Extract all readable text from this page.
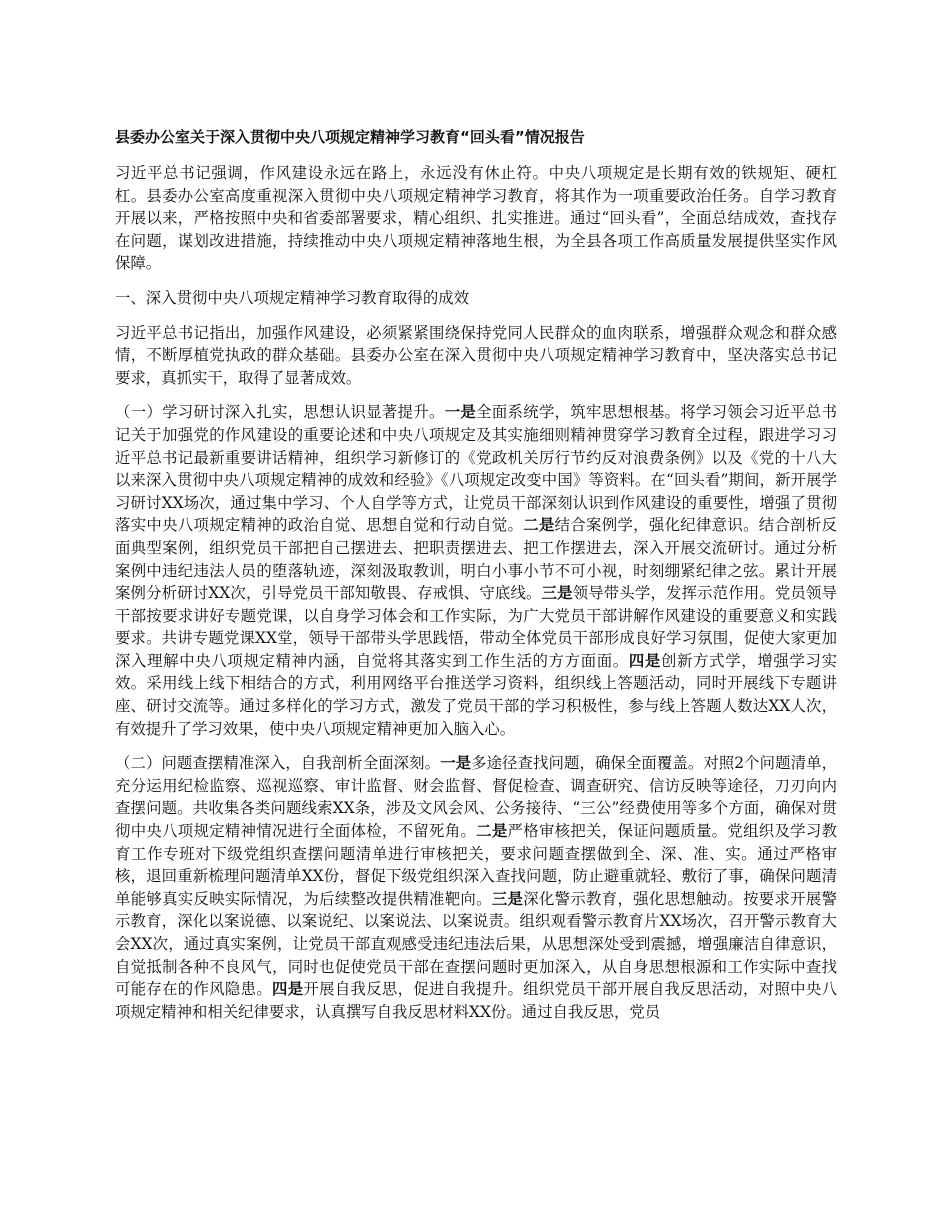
县委办公室关于深入贯彻中央八项规定精神学习教育“回头看”情况报告

习近平总书记强调，作风建设永远在路上，永远没有休止符。中央八项规定是长期有效的铁规矩、硬杠杠。县委办公室高度重视深入贯彻中央八项规定精神学习教育，将其作为一项重要政治任务。自学习教育开展以来，严格按照中央和省委部署要求，精心组织、扎实推进。通过“回头看”，全面总结成效，查找存在问题，谋划改进措施，持续推动中央八项规定精神落地生根，为全县各项工作高质量发展提供坚实作风保障。

一、深入贯彻中央八项规定精神学习教育取得的成效

习近平总书记指出，加强作风建设，必须紧紧围绕保持党同人民群众的血肉联系，增强群众观念和群众感情，不断厚植党执政的群众基础。县委办公室在深入贯彻中央八项规定精神学习教育中，坚决落实总书记要求，真抓实干，取得了显著成效。

（一）学习研讨深入扎实，思想认识显著提升。一是全面系统学，筑牢思想根基。将学习领会习近平总书记关于加强党的作风建设的重要论述和中央八项规定及其实施细则精神贯穿学习教育全过程，跟进学习习近平总书记最新重要讲话精神，组织学习新修订的《党政机关厉行节约反对浪费条例》以及《党的十八大以来深入贯彻中央八项规定精神的成效和经验》《八项规定改变中国》等资料。在“回头看”期间，新开展学习研讨XX场次，通过集中学习、个人自学等方式，让党员干部深刻认识到作风建设的重要性，增强了贯彻落实中央八项规定精神的政治自觉、思想自觉和行动自觉。二是结合案例学，强化纪律意识。结合剖析反面典型案例，组织党员干部把自己摆进去、把职责摆进去、把工作摆进去，深入开展交流研讨。通过分析案例中违纪违法人员的堕落轨迹，深刻汲取教训，明白小事小节不可小视，时刻绷紧纪律之弦。累计开展案例分析研讨XX次，引导党员干部知敬畏、存戒惧、守底线。三是领导带头学，发挥示范作用。党员领导干部按要求讲好专题党课，以自身学习体会和工作实际，为广大党员干部讲解作风建设的重要意义和实践要求。共讲专题党课XX堂，领导干部带头学思践悟，带动全体党员干部形成良好学习氛围，促使大家更加深入理解中央八项规定精神内涵，自觉将其落实到工作生活的方方面面。四是创新方式学，增强学习实效。采用线上线下相结合的方式，利用网络平台推送学习资料，组织线上答题活动，同时开展线下专题讲座、研讨交流等。通过多样化的学习方式，激发了党员干部的学习积极性，参与线上答题人数达XX人次，有效提升了学习效果，使中央八项规定精神更加入脑入心。

（二）问题查摆精准深入，自我剖析全面深刻。一是多途径查找问题，确保全面覆盖。对照2个问题清单，充分运用纪检监察、巡视巡察、审计监督、财会监督、督促检查、调查研究、信访反映等途径，刀刃向内查摆问题。共收集各类问题线索XX条，涉及文风会风、公务接待、“三公”经费使用等多个方面，确保对贯彻中央八项规定精神情况进行全面体检，不留死角。二是严格审核把关，保证问题质量。党组织及学习教育工作专班对下级党组织查摆问题清单进行审核把关，要求问题查摆做到全、深、准、实。通过严格审核，退回重新梳理问题清单XX份，督促下级党组织深入查找问题，防止避重就轻、敷衍了事，确保问题清单能够真实反映实际情况，为后续整改提供精准靶向。三是深化警示教育，强化思想触动。按要求开展警示教育，深化以案说德、以案说纪、以案说法、以案说责。组织观看警示教育片XX场次，召开警示教育大会XX次，通过真实案例，让党员干部直观感受违纪违法后果，从思想深处受到震撼，增强廉洁自律意识，自觉抵制各种不良风气，同时也促使党员干部在查摆问题时更加深入，从自身思想根源和工作实际中查找可能存在的作风隐患。四是开展自我反思，促进自我提升。组织党员干部开展自我反思活动，对照中央八项规定精神和相关纪律要求，认真撰写自我反思材料XX份。通过自我反思，党员
